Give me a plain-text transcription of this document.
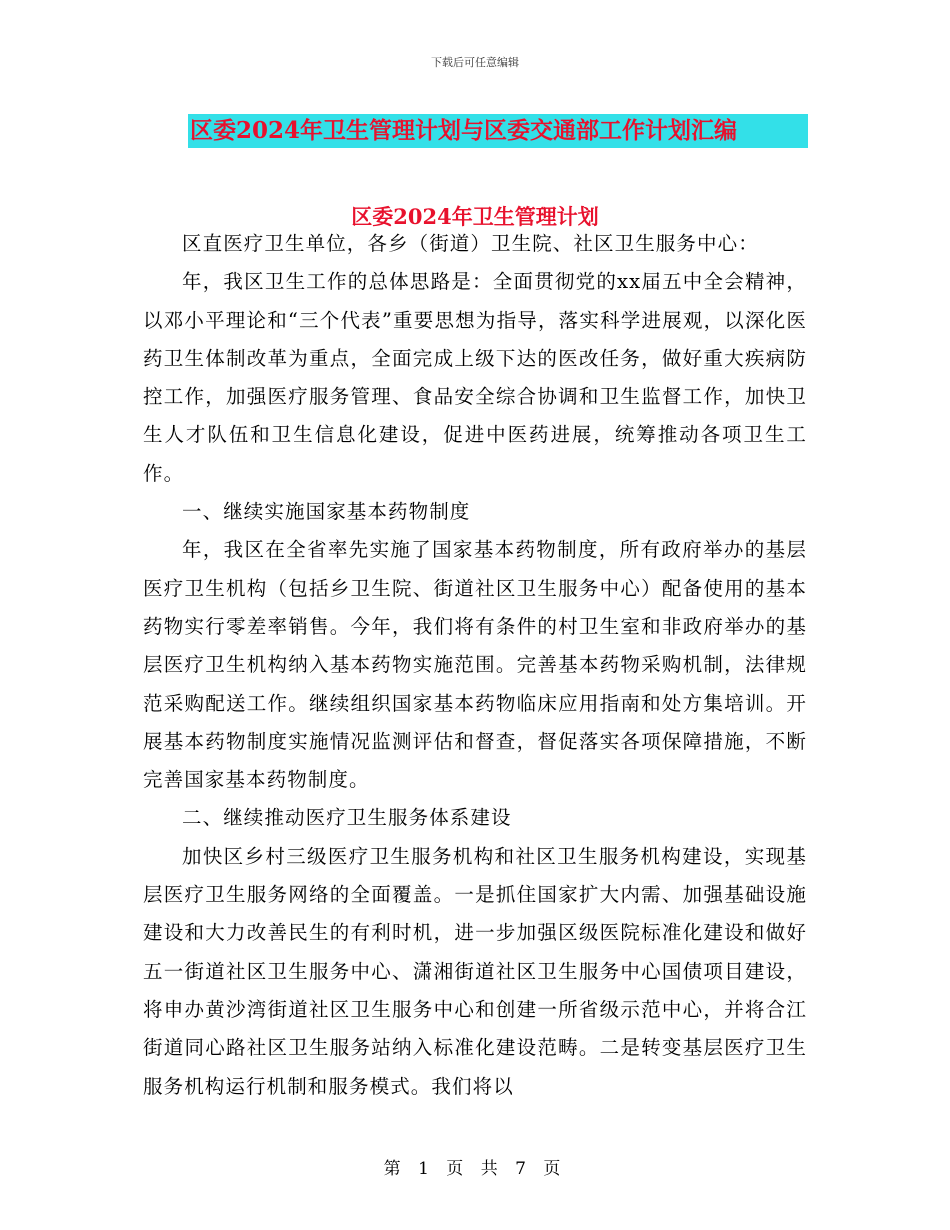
下载后可任意编辑
区委2024年卫生管理计划与区委交通部工作计划汇编
区委2024年卫生管理计划

区直医疗卫生单位，各乡（街道）卫生院、社区卫生服务中心：

年，我区卫生工作的总体思路是：全面贯彻党的xx届五中全会精神，以邓小平理论和“三个代表”重要思想为指导，落实科学进展观，以深化医药卫生体制改革为重点，全面完成上级下达的医改任务，做好重大疾病防控工作，加强医疗服务管理、食品安全综合协调和卫生监督工作，加快卫生人才队伍和卫生信息化建设，促进中医药进展，统筹推动各项卫生工作。

一、继续实施国家基本药物制度

年，我区在全省率先实施了国家基本药物制度，所有政府举办的基层医疗卫生机构（包括乡卫生院、街道社区卫生服务中心）配备使用的基本药物实行零差率销售。今年，我们将有条件的村卫生室和非政府举办的基层医疗卫生机构纳入基本药物实施范围。完善基本药物采购机制，法律规范采购配送工作。继续组织国家基本药物临床应用指南和处方集培训。开展基本药物制度实施情况监测评估和督查，督促落实各项保障措施，不断完善国家基本药物制度。

二、继续推动医疗卫生服务体系建设

加快区乡村三级医疗卫生服务机构和社区卫生服务机构建设，实现基层医疗卫生服务网络的全面覆盖。一是抓住国家扩大内需、加强基础设施建设和大力改善民生的有利时机，进一步加强区级医院标准化建设和做好五一街道社区卫生服务中心、潇湘街道社区卫生服务中心国债项目建设，将申办黄沙湾街道社区卫生服务中心和创建一所省级示范中心，并将合江街道同心路社区卫生服务站纳入标准化建设范畴。二是转变基层医疗卫生服务机构运行机制和服务模式。我们将以

第 1 页 共 7 页
